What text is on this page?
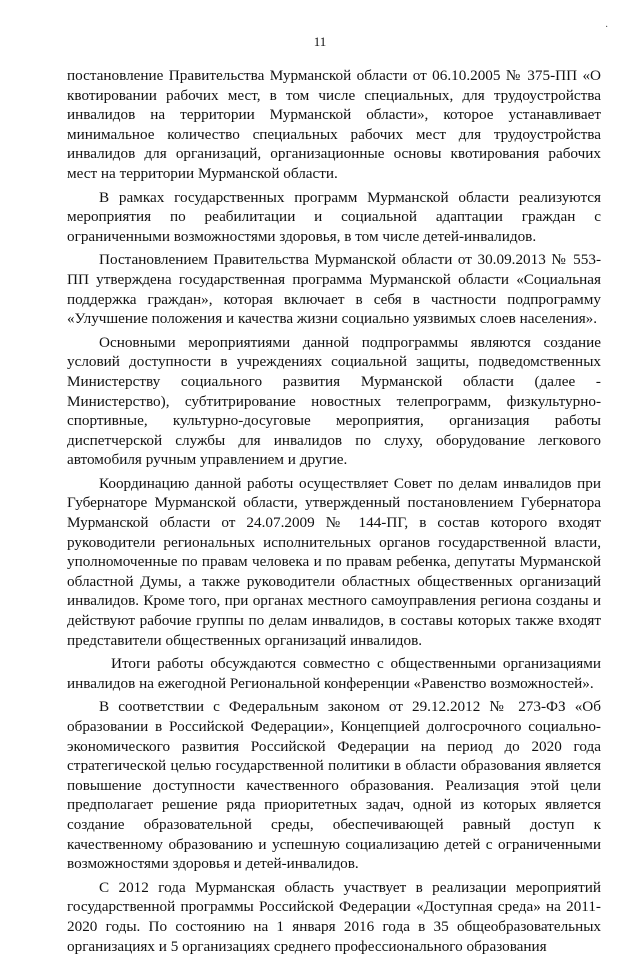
.
11

постановление Правительства Мурманской области от 06.10.2005 № 375-ПП «О квотировании рабочих мест, в том числе специальных, для трудоустройства инвалидов на территории Мурманской области», которое устанавливает минимальное количество специальных рабочих мест для трудоустройства инвалидов для организаций, организационные основы квотирования рабочих мест на территории Мурманской области.

В рамках государственных программ Мурманской области реализуются мероприятия по реабилитации и социальной адаптации граждан с ограниченными возможностями здоровья, в том числе детей-инвалидов.

Постановлением Правительства Мурманской области от 30.09.2013 № 553-ПП утверждена государственная программа Мурманской области «Социальная поддержка граждан», которая включает в себя в частности подпрограмму «Улучшение положения и качества жизни социально уязвимых слоев населения».

Основными мероприятиями данной подпрограммы являются создание условий доступности в учреждениях социальной защиты, подведомственных Министерству социального развития Мурманской области (далее - Министерство), субтитрирование новостных телепрограмм, физкультурно-спортивные, культурно-досуговые мероприятия, организация работы диспетчерской службы для инвалидов по слуху, оборудование легкового автомобиля ручным управлением и другие.

Координацию данной работы осуществляет Совет по делам инвалидов при Губернаторе Мурманской области, утвержденный постановлением Губернатора Мурманской области от 24.07.2009 № 144-ПГ, в состав которого входят руководители региональных исполнительных органов государственной власти, уполномоченные по правам человека и по правам ребенка, депутаты Мурманской областной Думы, а также руководители областных общественных организаций инвалидов. Кроме того, при органах местного самоуправления региона созданы и действуют рабочие группы по делам инвалидов, в составы которых также входят представители общественных организаций инвалидов.

Итоги работы обсуждаются совместно с общественными организациями инвалидов на ежегодной Региональной конференции «Равенство возможностей».

В соответствии с Федеральным законом от 29.12.2012 № 273-ФЗ «Об образовании в Российской Федерации», Концепцией долгосрочного социально-экономического развития Российской Федерации на период до 2020 года стратегической целью государственной политики в области образования является повышение доступности качественного образования. Реализация этой цели предполагает решение ряда приоритетных задач, одной из которых является создание образовательной среды, обеспечивающей равный доступ к качественному образованию и успешную социализацию детей с ограниченными возможностями здоровья и детей-инвалидов.

С 2012 года Мурманская область участвует в реализации мероприятий государственной программы Российской Федерации «Доступная среда» на 2011-2020 годы. По состоянию на 1 января 2016 года в 35 общеобразовательных организациях и 5 организациях среднего профессионального образования
